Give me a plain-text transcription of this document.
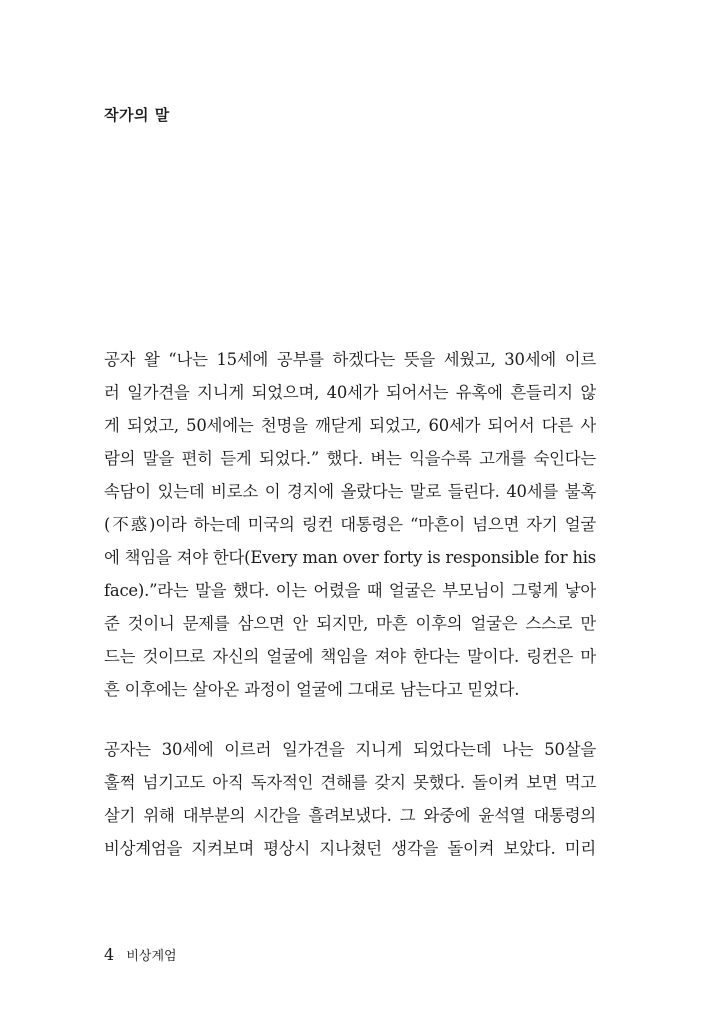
작가의 말
공자 왈 “나는 15세에 공부를 하겠다는 뜻을 세웠고, 30세에 이르
러 일가견을 지니게 되었으며, 40세가 되어서는 유혹에 흔들리지 않
게 되었고, 50세에는 천명을 깨닫게 되었고, 60세가 되어서 다른 사
람의 말을 편히 듣게 되었다.” 했다. 벼는 익을수록 고개를 숙인다는
속담이 있는데 비로소 이 경지에 올랐다는 말로 들린다. 40세를 불혹
(不惑)이라 하는데 미국의 링컨 대통령은 “마흔이 넘으면 자기 얼굴
에 책임을 져야 한다(Every man over forty is responsible for his
face).”라는 말을 했다. 이는 어렸을 때 얼굴은 부모님이 그렇게 낳아
준 것이니 문제를 삼으면 안 되지만, 마흔 이후의 얼굴은 스스로 만
드는 것이므로 자신의 얼굴에 책임을 져야 한다는 말이다. 링컨은 마
흔 이후에는 살아온 과정이 얼굴에 그대로 남는다고 믿었다.
공자는 30세에 이르러 일가견을 지니게 되었다는데 나는 50살을
훌쩍 넘기고도 아직 독자적인 견해를 갖지 못했다. 돌이켜 보면 먹고
살기 위해 대부분의 시간을 흘려보냈다. 그 와중에 윤석열 대통령의
비상계엄을 지켜보며 평상시 지나쳤던 생각을 돌이켜 보았다. 미리
4 비상계엄
